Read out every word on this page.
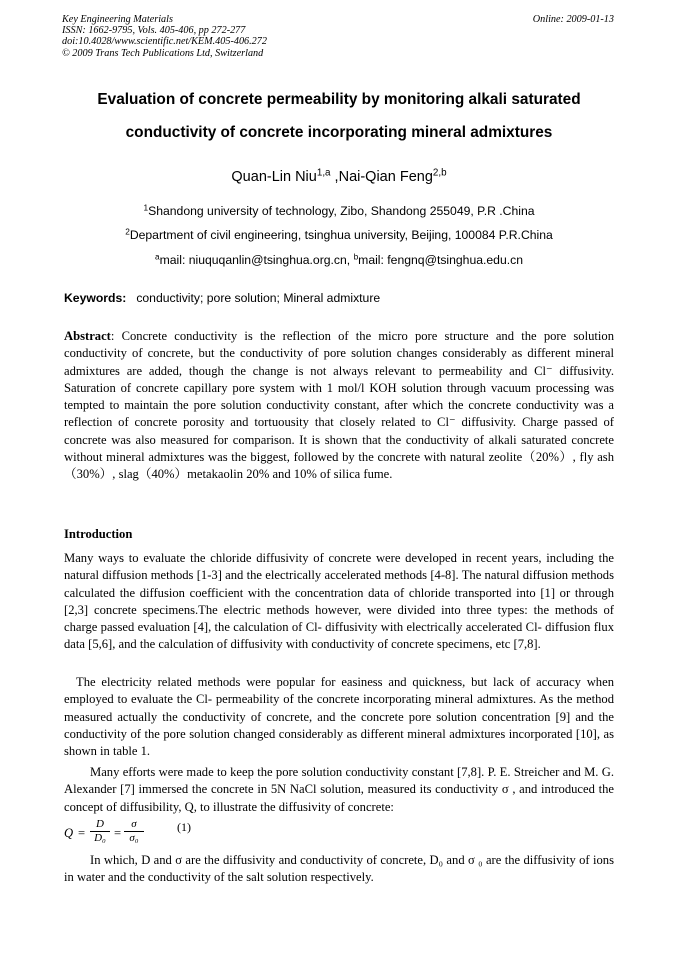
Key Engineering Materials
ISSN: 1662-9795, Vols. 405-406, pp 272-277
doi:10.4028/www.scientific.net/KEM.405-406.272
© 2009 Trans Tech Publications Ltd, Switzerland
Online: 2009-01-13
Evaluation of concrete permeability by monitoring alkali saturated
conductivity of concrete incorporating mineral admixtures
Quan-Lin Niu$^{1,a}$ ,Nai-Qian Feng$^{2,b}$
$^1$Shandong university of technology, Zibo, Shandong 255049, P.R .China
$^2$Department of civil engineering, tsinghua university, Beijing, 100084 P.R.China
$^a$mail: niuquqanlin@tsinghua.org.cn, $^b$mail: fengnq@tsinghua.edu.cn
Keywords: conductivity; pore solution; Mineral admixture
Abstract: Concrete conductivity is the reflection of the micro pore structure and the pore solution conductivity of concrete, but the conductivity of pore solution changes considerably as different mineral admixtures are added, though the change is not always relevant to permeability and Cl⁻ diffusivity. Saturation of concrete capillary pore system with 1 mol/l KOH solution through vacuum processing was tempted to maintain the pore solution conductivity constant, after which the concrete conductivity was a reflection of concrete porosity and tortuousity that closely related to Cl⁻ diffusivity. Charge passed of concrete was also measured for comparison. It is shown that the conductivity of alkali saturated concrete without mineral admixtures was the biggest, followed by the concrete with natural zeolite（20%）, fly ash（30%）, slag（40%）metakaolin 20% and 10% of silica fume.
Introduction
Many ways to evaluate the chloride diffusivity of concrete were developed in recent years, including the natural diffusion methods [1-3] and the electrically accelerated methods [4-8]. The natural diffusion methods calculated the diffusion coefficient with the concentration data of chloride transported into [1] or through [2,3] concrete specimens.The electric methods however, were divided into three types: the methods of charge passed evaluation [4], the calculation of Cl- diffusivity with electrically accelerated Cl- diffusion flux data [5,6], and the calculation of diffusivity with conductivity of concrete specimens, etc [7,8].
The electricity related methods were popular for easiness and quickness, but lack of accuracy when employed to evaluate the Cl- permeability of the concrete incorporating mineral admixtures. As the method measured actually the conductivity of concrete, and the concrete pore solution concentration [9] and the conductivity of the pore solution changed considerably as different mineral admixtures incorporated [10], as shown in table 1.
Many efforts were made to keep the pore solution conductivity constant [7,8]. P. E. Streicher and M. G. Alexander [7] immersed the concrete in 5N NaCl solution, measured its conductivity σ , and introduced the concept of diffusibility, Q, to illustrate the diffusivity of concrete:
$Q = \frac{D}{\text{D₀}} = \frac{\sigma}{\text{σ₀}}$	(1)
In which, D and σ are the diffusivity and conductivity of concrete, D₀ and σ ₀ are the diffusivity of ions in water and the conductivity of the salt solution respectively.
